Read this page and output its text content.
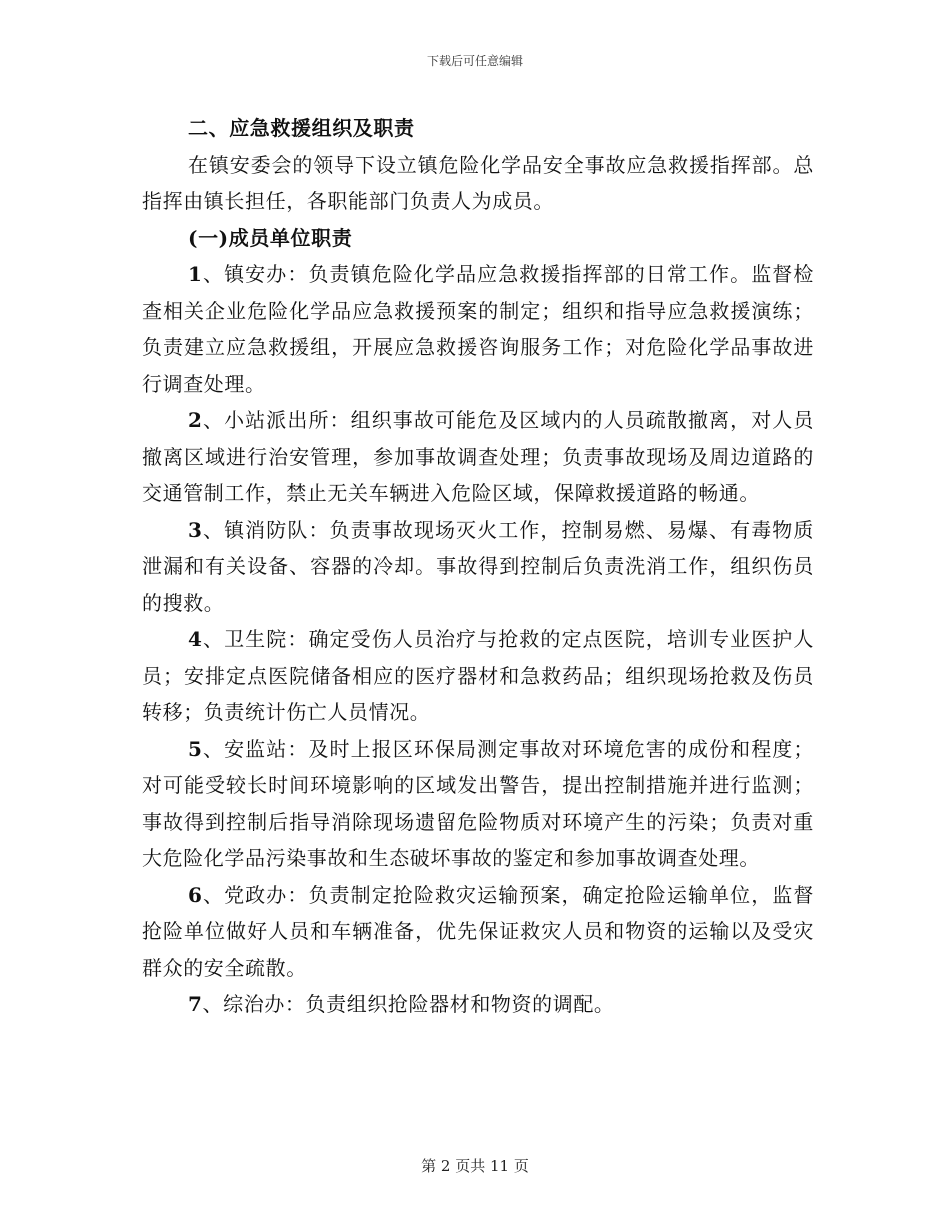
下载后可任意编辑

二、应急救援组织及职责

在镇安委会的领导下设立镇危险化学品安全事故应急救援指挥部。总指挥由镇长担任，各职能部门负责人为成员。

(一)成员单位职责

1、镇安办：负责镇危险化学品应急救援指挥部的日常工作。监督检查相关企业危险化学品应急救援预案的制定；组织和指导应急救援演练；负责建立应急救援组，开展应急救援咨询服务工作；对危险化学品事故进行调查处理。

2、小站派出所：组织事故可能危及区域内的人员疏散撤离，对人员撤离区域进行治安管理，参加事故调查处理；负责事故现场及周边道路的交通管制工作，禁止无关车辆进入危险区域，保障救援道路的畅通。

3、镇消防队：负责事故现场灭火工作，控制易燃、易爆、有毒物质泄漏和有关设备、容器的冷却。事故得到控制后负责洗消工作，组织伤员的搜救。

4、卫生院：确定受伤人员治疗与抢救的定点医院，培训专业医护人员；安排定点医院储备相应的医疗器材和急救药品；组织现场抢救及伤员转移；负责统计伤亡人员情况。

5、安监站：及时上报区环保局测定事故对环境危害的成份和程度；对可能受较长时间环境影响的区域发出警告，提出控制措施并进行监测；事故得到控制后指导消除现场遗留危险物质对环境产生的污染；负责对重大危险化学品污染事故和生态破坏事故的鉴定和参加事故调查处理。

6、党政办：负责制定抢险救灾运输预案，确定抢险运输单位，监督抢险单位做好人员和车辆准备，优先保证救灾人员和物资的运输以及受灾群众的安全疏散。

7、综治办：负责组织抢险器材和物资的调配。

第 2 页共 11 页
